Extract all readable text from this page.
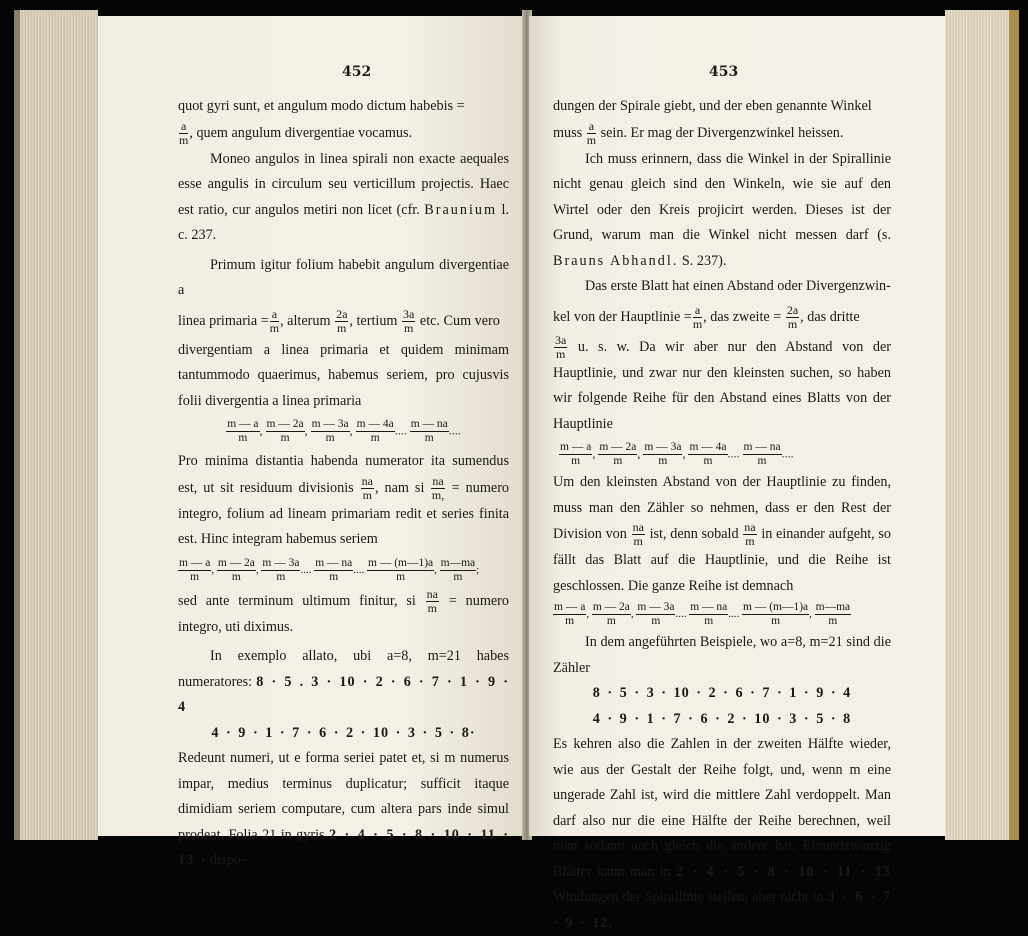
452

quot gyri sunt, et angulum modo dictum habebis =

$\frac{a}{m}$ , quem angulum divergentiae vocamus.

Moneo angulos in linea spirali non exacte aequales esse angulis in circulum seu verticillum projectis. Haec est ratio, cur angulos metiri non licet (cfr. Braunium l. c. 237.

Primum igitur folium habebit angulum divergentiae a

linea primaria = $\frac{a}{m}$ , alterum $\frac{2a}{m}$ , tertium $\frac{3a}{m}$ etc. Cum vero

divergentiam a linea primaria et quidem minimam tantummodo quaerimus, habemus seriem, pro cujusvis folii divergentia a linea primaria

$\frac{m — a}{m}$ , $\frac{m — 2a}{m}$ , $\frac{m — 3a}{m}$ , $\frac{m — 4a}{m}$ .... $\frac{m — na}{m}$ ....

Pro minima distantia habenda numerator ita sumendus est, ut sit residuum divisionis $\frac{na}{m}$ , nam si $\frac{na}{m,}$ = numero integro, folium ad lineam primariam redit et series finita est. Hinc integram habemus seriem

$\frac{m — a}{m}$ , $\frac{m — 2a}{m}$ , $\frac{m — 3a}{m}$ .... $\frac{m — na}{m}$ .... $\frac{m — (m—1)a}{m}$ , $\frac{m—ma}{m}$ ;

sed ante terminum ultimum finitur, si $\frac{na}{m}$ = numero integro, uti diximus.

In exemplo allato, ubi a=8, m=21 habes numeratores: 8 · 5 . 3 · 10 · 2 · 6 · 7 · 1 · 9 · 4

4 · 9 · 1 · 7 · 6 · 2 · 10 · 3 · 5 · 8·

Redeunt numeri, ut e forma seriei patet et, si m numerus impar, medius terminus duplicatur; sufficit itaque dimidiam seriem computare, cum altera pars inde simul prodeat. Folia 21 in gyris 2 · 4 · 5 · 8 · 10 · 11 · 13 · dispo-

453

dungen der Spirale giebt, und der eben genannte Winkel

muss $\frac{a}{m}$ sein. Er mag der Divergenzwinkel heissen.

Ich muss erinnern, dass die Winkel in der Spirallinie nicht genau gleich sind den Winkeln, wie sie auf den Wirtel oder den Kreis projicirt werden. Dieses ist der Grund, warum man die Winkel nicht messen darf (s. Brauns Abhandl. S. 237).

Das erste Blatt hat einen Abstand oder Divergenzwin-

kel von der Hauptlinie = $\frac{a}{m}$ , das zweite = $\frac{2a}{m}$ , das dritte

$\frac{3a}{m} u$. s. w. Da wir aber nur den Abstand von der Hauptlinie, und zwar nur den kleinsten suchen, so haben wir folgende Reihe für den Abstand eines Blatts von der Hauptlinie

$\frac{m — a}{m}$ , $\frac{m — 2a}{m}$ , $\frac{m — 3a}{m}$ , $\frac{m — 4a}{m}$ .... $\frac{m — na}{m}$ ....

Um den kleinsten Abstand von der Hauptlinie zu finden, muss man den Zähler so nehmen, dass er den Rest der Division von $\frac{na}{m}$ ist, denn sobald $\frac{na}{m}$ in einander aufgeht, so fällt das Blatt auf die Hauptlinie, und die Reihe ist geschlossen. Die ganze Reihe ist demnach

$\frac{m — a}{m}$ , $\frac{m — 2a}{m}$ , $\frac{m — 3a}{m}$ .... $\frac{m — na}{m}$ .... $\frac{m — (m—1)a}{m}$ , $\frac{m—ma}{m}$

In dem angeführten Beispiele, wo a=8, m=21 sind die Zähler

8 · 5 · 3 · 10 · 2 · 6 · 7 · 1 · 9 · 4

4 · 9 · 1 · 7 · 6 · 2 · 10 · 3 · 5 · 8

Es kehren also die Zahlen in der zweiten Hälfte wieder, wie aus der Gestalt der Reihe folgt, und, wenn m eine ungerade Zahl ist, wird die mittlere Zahl verdoppelt. Man darf also nur die eine Hälfte der Reihe berechnen, weil man sodann auch gleich die andere hat. Einundzwanzig Blätter kann man in 2 · 4 · 5 · 8 · 10 · 11 · 13 Windungen der Spirallinie stellen, aber nicht in 3 · 6 · 7 · 9 · 12,
